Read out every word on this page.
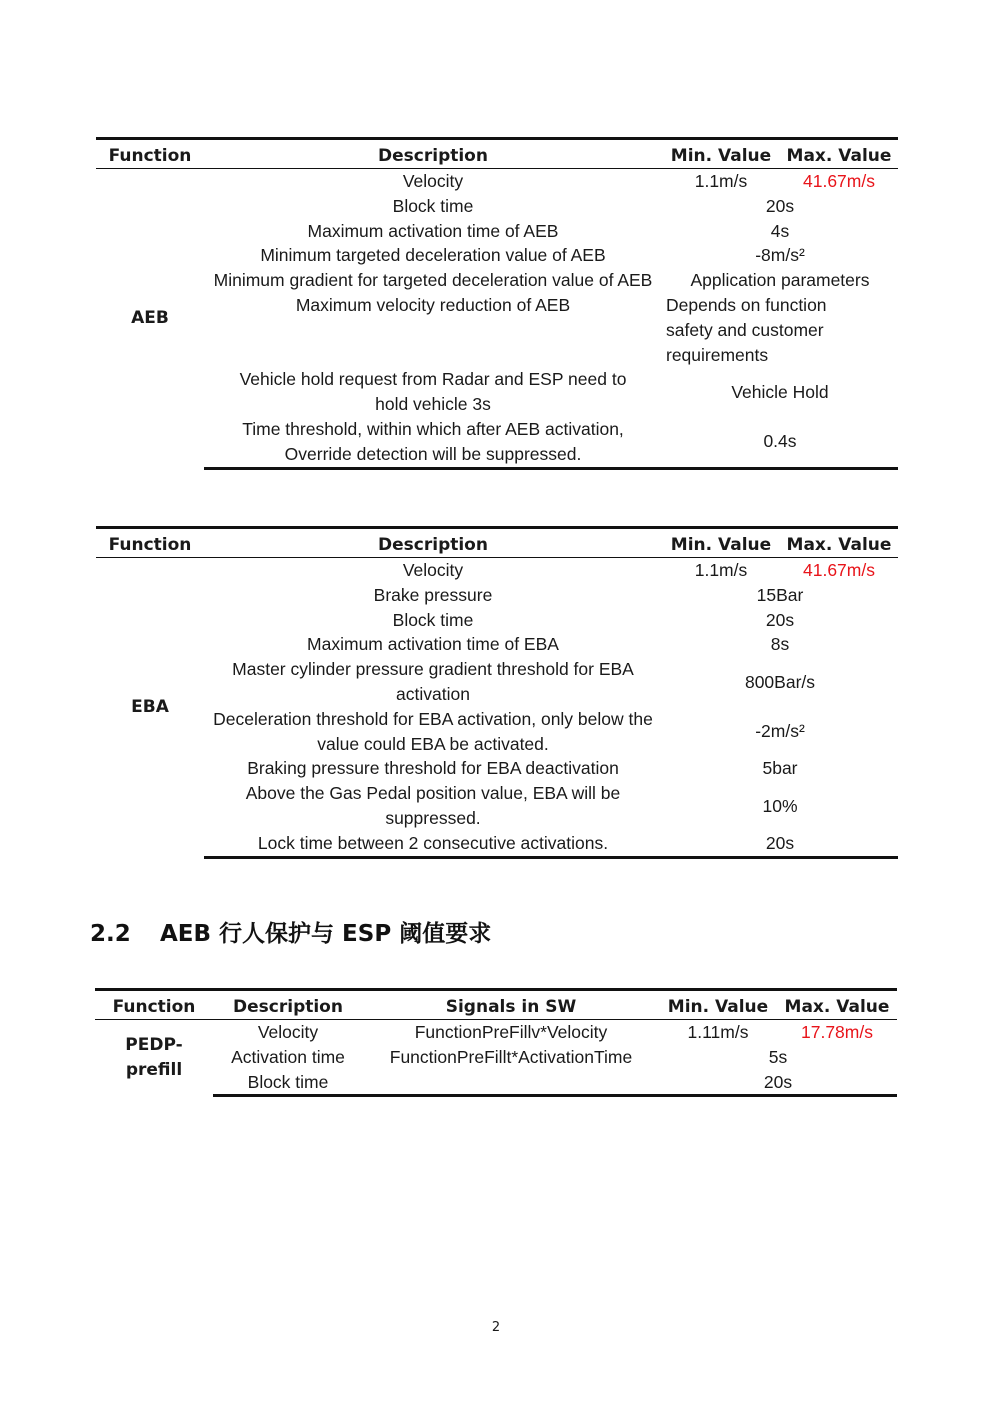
Function	Description	Min. Value	Max. Value
AEB	Velocity	1.1m/s	41.67m/s
	Block time	20s	
	Maximum activation time of AEB	4s	
	Minimum targeted deceleration value of AEB	-8m/s²	
	Minimum gradient for targeted deceleration value of AEB	Application parameters	
	Maximum velocity reduction of AEB	Depends on function safety and customer requirements	
	Vehicle hold request from Radar and ESP need to hold vehicle 3s	Vehicle Hold	
	Time threshold, within which after AEB activation, Override detection will be suppressed.	0.4s	
Function	Description	Min. Value	Max. Value
EBA	Velocity	1.1m/s	41.67m/s
	Brake pressure	15Bar	
	Block time	20s	
	Maximum activation time of EBA	8s	
	Master cylinder pressure gradient threshold for EBA activation	800Bar/s	
	Deceleration threshold for EBA activation, only below the value could EBA be activated.	-2m/s²	
	Braking pressure threshold for EBA deactivation	5bar	
	Above the Gas Pedal position value, EBA will be suppressed.	10%	
	Lock time between 2 consecutive activations.	20s	
2.2 AEB 行人保护与 ESP 阈值要求
Function	Description	Signals in SW	Min. Value	Max. Value
PEDP-prefill	Velocity	FunctionPreFillv*Velocity	1.11m/s	17.78m/s
	Activation time	FunctionPreFillt*ActivationTime	5s	
	Block time		20s	
2
